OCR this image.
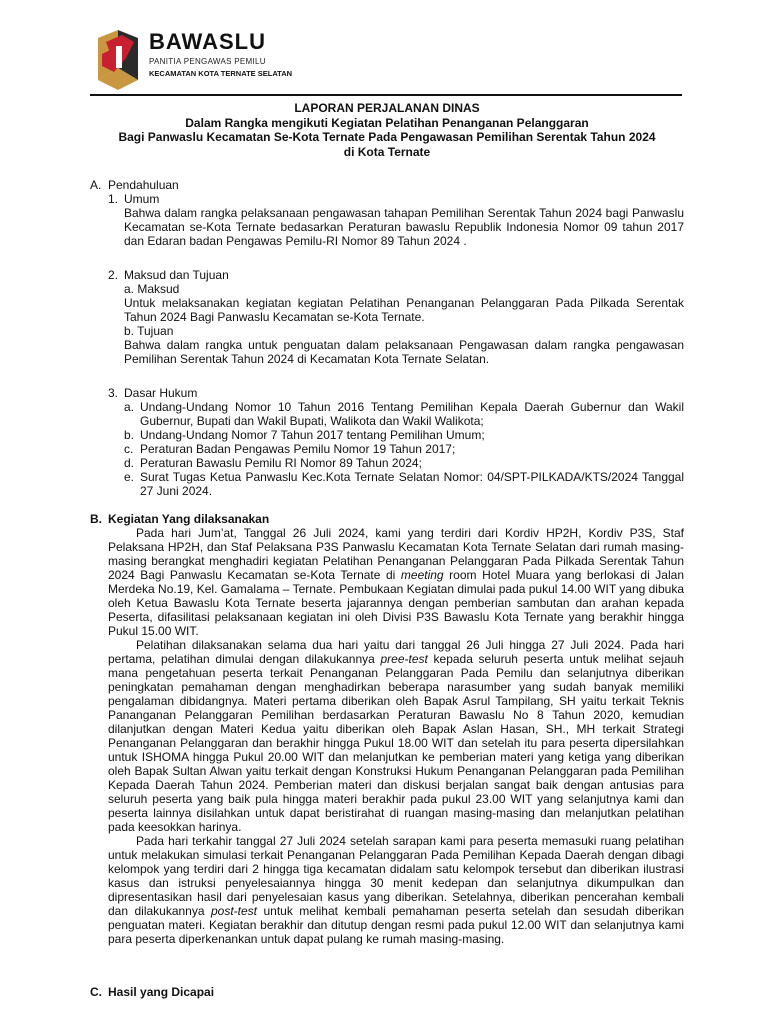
BAWASLU
PANITIA PENGAWAS PEMILU
KECAMATAN KOTA TERNATE SELATAN
LAPORAN PERJALANAN DINAS
Dalam Rangka mengikuti Kegiatan Pelatihan Penanganan Pelanggaran
Bagi Panwaslu Kecamatan Se-Kota Ternate Pada Pengawasan Pemilihan Serentak Tahun 2024
di Kota Ternate
A. Pendahuluan
1. Umum
Bahwa dalam rangka pelaksanaan pengawasan tahapan Pemilihan Serentak Tahun 2024 bagi Panwaslu Kecamatan se-Kota Ternate bedasarkan Peraturan bawaslu Republik Indonesia Nomor 09 tahun 2017 dan Edaran badan Pengawas Pemilu-RI Nomor 89 Tahun 2024 .
2. Maksud dan Tujuan
a. Maksud
Untuk melaksanakan kegiatan kegiatan Pelatihan Penanganan Pelanggaran Pada Pilkada Serentak Tahun 2024 Bagi Panwaslu Kecamatan se-Kota Ternate.
b. Tujuan
Bahwa dalam rangka untuk penguatan dalam pelaksanaan Pengawasan dalam rangka pengawasan Pemilihan Serentak Tahun 2024 di Kecamatan Kota Ternate Selatan.
3. Dasar Hukum
a. Undang-Undang Nomor 10 Tahun 2016 Tentang Pemilihan Kepala Daerah Gubernur dan Wakil Gubernur, Bupati dan Wakil Bupati, Walikota dan Wakil Walikota;
b. Undang-Undang Nomor 7 Tahun 2017 tentang Pemilihan Umum;
c. Peraturan Badan Pengawas Pemilu Nomor 19 Tahun 2017;
d. Peraturan Bawaslu Pemilu RI Nomor 89 Tahun 2024;
e. Surat Tugas Ketua Panwaslu Kec.Kota Ternate Selatan Nomor: 04/SPT-PILKADA/KTS/2024 Tanggal 27 Juni 2024.
B. Kegiatan Yang dilaksanakan
Pada hari Jum’at, Tanggal 26 Juli 2024, kami yang terdiri dari Kordiv HP2H, Kordiv P3S, Staf Pelaksana HP2H, dan Staf Pelaksana P3S Panwaslu Kecamatan Kota Ternate Selatan dari rumah masing-masing berangkat menghadiri kegiatan Pelatihan Penanganan Pelanggaran Pada Pilkada Serentak Tahun 2024 Bagi Panwaslu Kecamatan se-Kota Ternate di meeting room Hotel Muara yang berlokasi di Jalan Merdeka No.19, Kel. Gamalama – Ternate. Pembukaan Kegiatan dimulai pada pukul 14.00 WIT yang dibuka oleh Ketua Bawaslu Kota Ternate beserta jajarannya dengan pemberian sambutan dan arahan kepada Peserta, difasilitasi pelaksanaan kegiatan ini oleh Divisi P3S Bawaslu Kota Ternate yang berakhir hingga Pukul 15.00 WIT.
Pelatihan dilaksanakan selama dua hari yaitu dari tanggal 26 Juli hingga 27 Juli 2024. Pada hari pertama, pelatihan dimulai dengan dilakukannya pree-test kepada seluruh peserta untuk melihat sejauh mana pengetahuan peserta terkait Penanganan Pelanggaran Pada Pemilu dan selanjutnya diberikan peningkatan pemahaman dengan menghadirkan beberapa narasumber yang sudah banyak memiliki pengalaman dibidangnya. Materi pertama diberikan oleh Bapak Asrul Tampilang, SH yaitu terkait Teknis Pananganan Pelanggaran Pemilihan berdasarkan Peraturan Bawaslu No 8 Tahun 2020, kemudian dilanjutkan dengan Materi Kedua yaitu diberikan oleh Bapak Aslan Hasan, SH., MH terkait Strategi Penanganan Pelanggaran dan berakhir hingga Pukul 18.00 WIT dan setelah itu para peserta dipersilahkan untuk ISHOMA hingga Pukul 20.00 WIT dan melanjutkan ke pemberian materi yang ketiga yang diberikan oleh Bapak Sultan Alwan yaitu terkait dengan Konstruksi Hukum Penanganan Pelanggaran pada Pemilihan Kepada Daerah Tahun 2024. Pemberian materi dan diskusi berjalan sangat baik dengan antusias para seluruh peserta yang baik pula hingga materi berakhir pada pukul 23.00 WIT yang selanjutnya kami dan peserta lainnya disilahkan untuk dapat beristirahat di ruangan masing-masing dan melanjutkan pelatihan pada keesokkan harinya.
Pada hari terkahir tanggal 27 Juli 2024 setelah sarapan kami para peserta memasuki ruang pelatihan untuk melakukan simulasi terkait Penanganan Pelanggaran Pada Pemilihan Kepada Daerah dengan dibagi kelompok yang terdiri dari 2 hingga tiga kecamatan didalam satu kelompok tersebut dan diberikan ilustrasi kasus dan istruksi penyelesaiannya hingga 30 menit kedepan dan selanjutnya dikumpulkan dan dipresentasikan hasil dari penyelesaian kasus yang diberikan. Setelahnya, diberikan pencerahan kembali dan dilakukannya post-test untuk melihat kembali pemahaman peserta setelah dan sesudah diberikan penguatan materi. Kegiatan berakhir dan ditutup dengan resmi pada pukul 12.00 WIT dan selanjutnya kami para peserta diperkenankan untuk dapat pulang ke rumah masing-masing.
C. Hasil yang Dicapai
